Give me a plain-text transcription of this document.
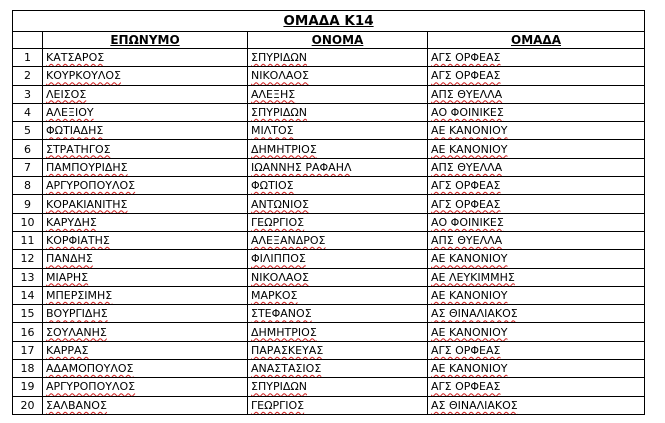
ΟΜΑΔΑ Κ14			
	ΕΠΩΝΥΜΟ	ΟΝΟΜΑ	ΟΜΑΔΑ
1	ΚΑΤΣΑΡΟΣ	ΣΠΥΡΙΔΩΝ	ΑΓΣ ΟΡΦΕΑΣ
2	ΚΟΥΡΚΟΥΛΟΣ	ΝΙΚΟΛΑΟΣ	ΑΓΣ ΟΡΦΕΑΣ
3	ΛΕΙΣΟΣ	ΑΛΕΞΗΣ	ΑΠΣ ΘΥΕΛΛΑ
4	ΑΛΕΞΙΟΥ	ΣΠΥΡΙΔΩΝ	ΑΟ ΦΟΙΝΙΚΕΣ
5	ΦΩΤΙΑΔΗΣ	ΜΙΛΤΟΣ	ΑΕ ΚΑΝΟΝΙΟΥ
6	ΣΤΡΑΤΗΓΟΣ	ΔΗΜΗΤΡΙΟΣ	ΑΕ ΚΑΝΟΝΙΟΥ
7	ΠΑΜΠΟΥΡΙΔΗΣ	ΙΩΑΝΝΗΣ ΡΑΦΑΗΛ	ΑΠΣ ΘΥΕΛΛΑ
8	ΑΡΓΥΡΟΠΟΥΛΟΣ	ΦΩΤΙΟΣ	ΑΓΣ ΟΡΦΕΑΣ
9	ΚΟΡΑΚΙΑΝΙΤΗΣ	ΑΝΤΩΝΙΟΣ	ΑΓΣ ΟΡΦΕΑΣ
10	ΚΑΡΥΔΗΣ	ΓΕΩΡΓΙΟΣ	ΑΟ ΦΟΙΝΙΚΕΣ
11	ΚΟΡΦΙΑΤΗΣ	ΑΛΕΞΑΝΔΡΟΣ	ΑΠΣ ΘΥΕΛΛΑ
12	ΠΑΝΔΗΣ	ΦΙΛΙΠΠΟΣ	ΑΕ ΚΑΝΟΝΙΟΥ
13	ΜΙΑΡΗΣ	ΝΙΚΟΛΑΟΣ	ΑΕ ΛΕΥΚΙΜΜΗΣ
14	ΜΠΕΡΣΙΜΗΣ	ΜΑΡΚΟΣ	ΑΕ ΚΑΝΟΝΙΟΥ
15	ΒΟΥΡΓΙΔΗΣ	ΣΤΕΦΑΝΟΣ	ΑΣ ΘΙΝΑΛΙΑΚΟΣ
16	ΣΟΥΛΑΝΗΣ	ΔΗΜΗΤΡΙΟΣ	ΑΕ ΚΑΝΟΝΙΟΥ
17	ΚΑΡΡΑΣ	ΠΑΡΑΣΚΕΥΑΣ	ΑΓΣ ΟΡΦΕΑΣ
18	ΑΔΑΜΟΠΟΥΛΟΣ	ΑΝΑΣΤΑΣΙΟΣ	ΑΕ ΚΑΝΟΝΙΟΥ
19	ΑΡΓΥΡΟΠΟΥΛΟΣ	ΣΠΥΡΙΔΩΝ	ΑΓΣ ΟΡΦΕΑΣ
20	ΣΑΛΒΑΝΟΣ	ΓΕΩΡΓΙΟΣ	ΑΣ ΘΙΝΑΛΙΑΚΟΣ
